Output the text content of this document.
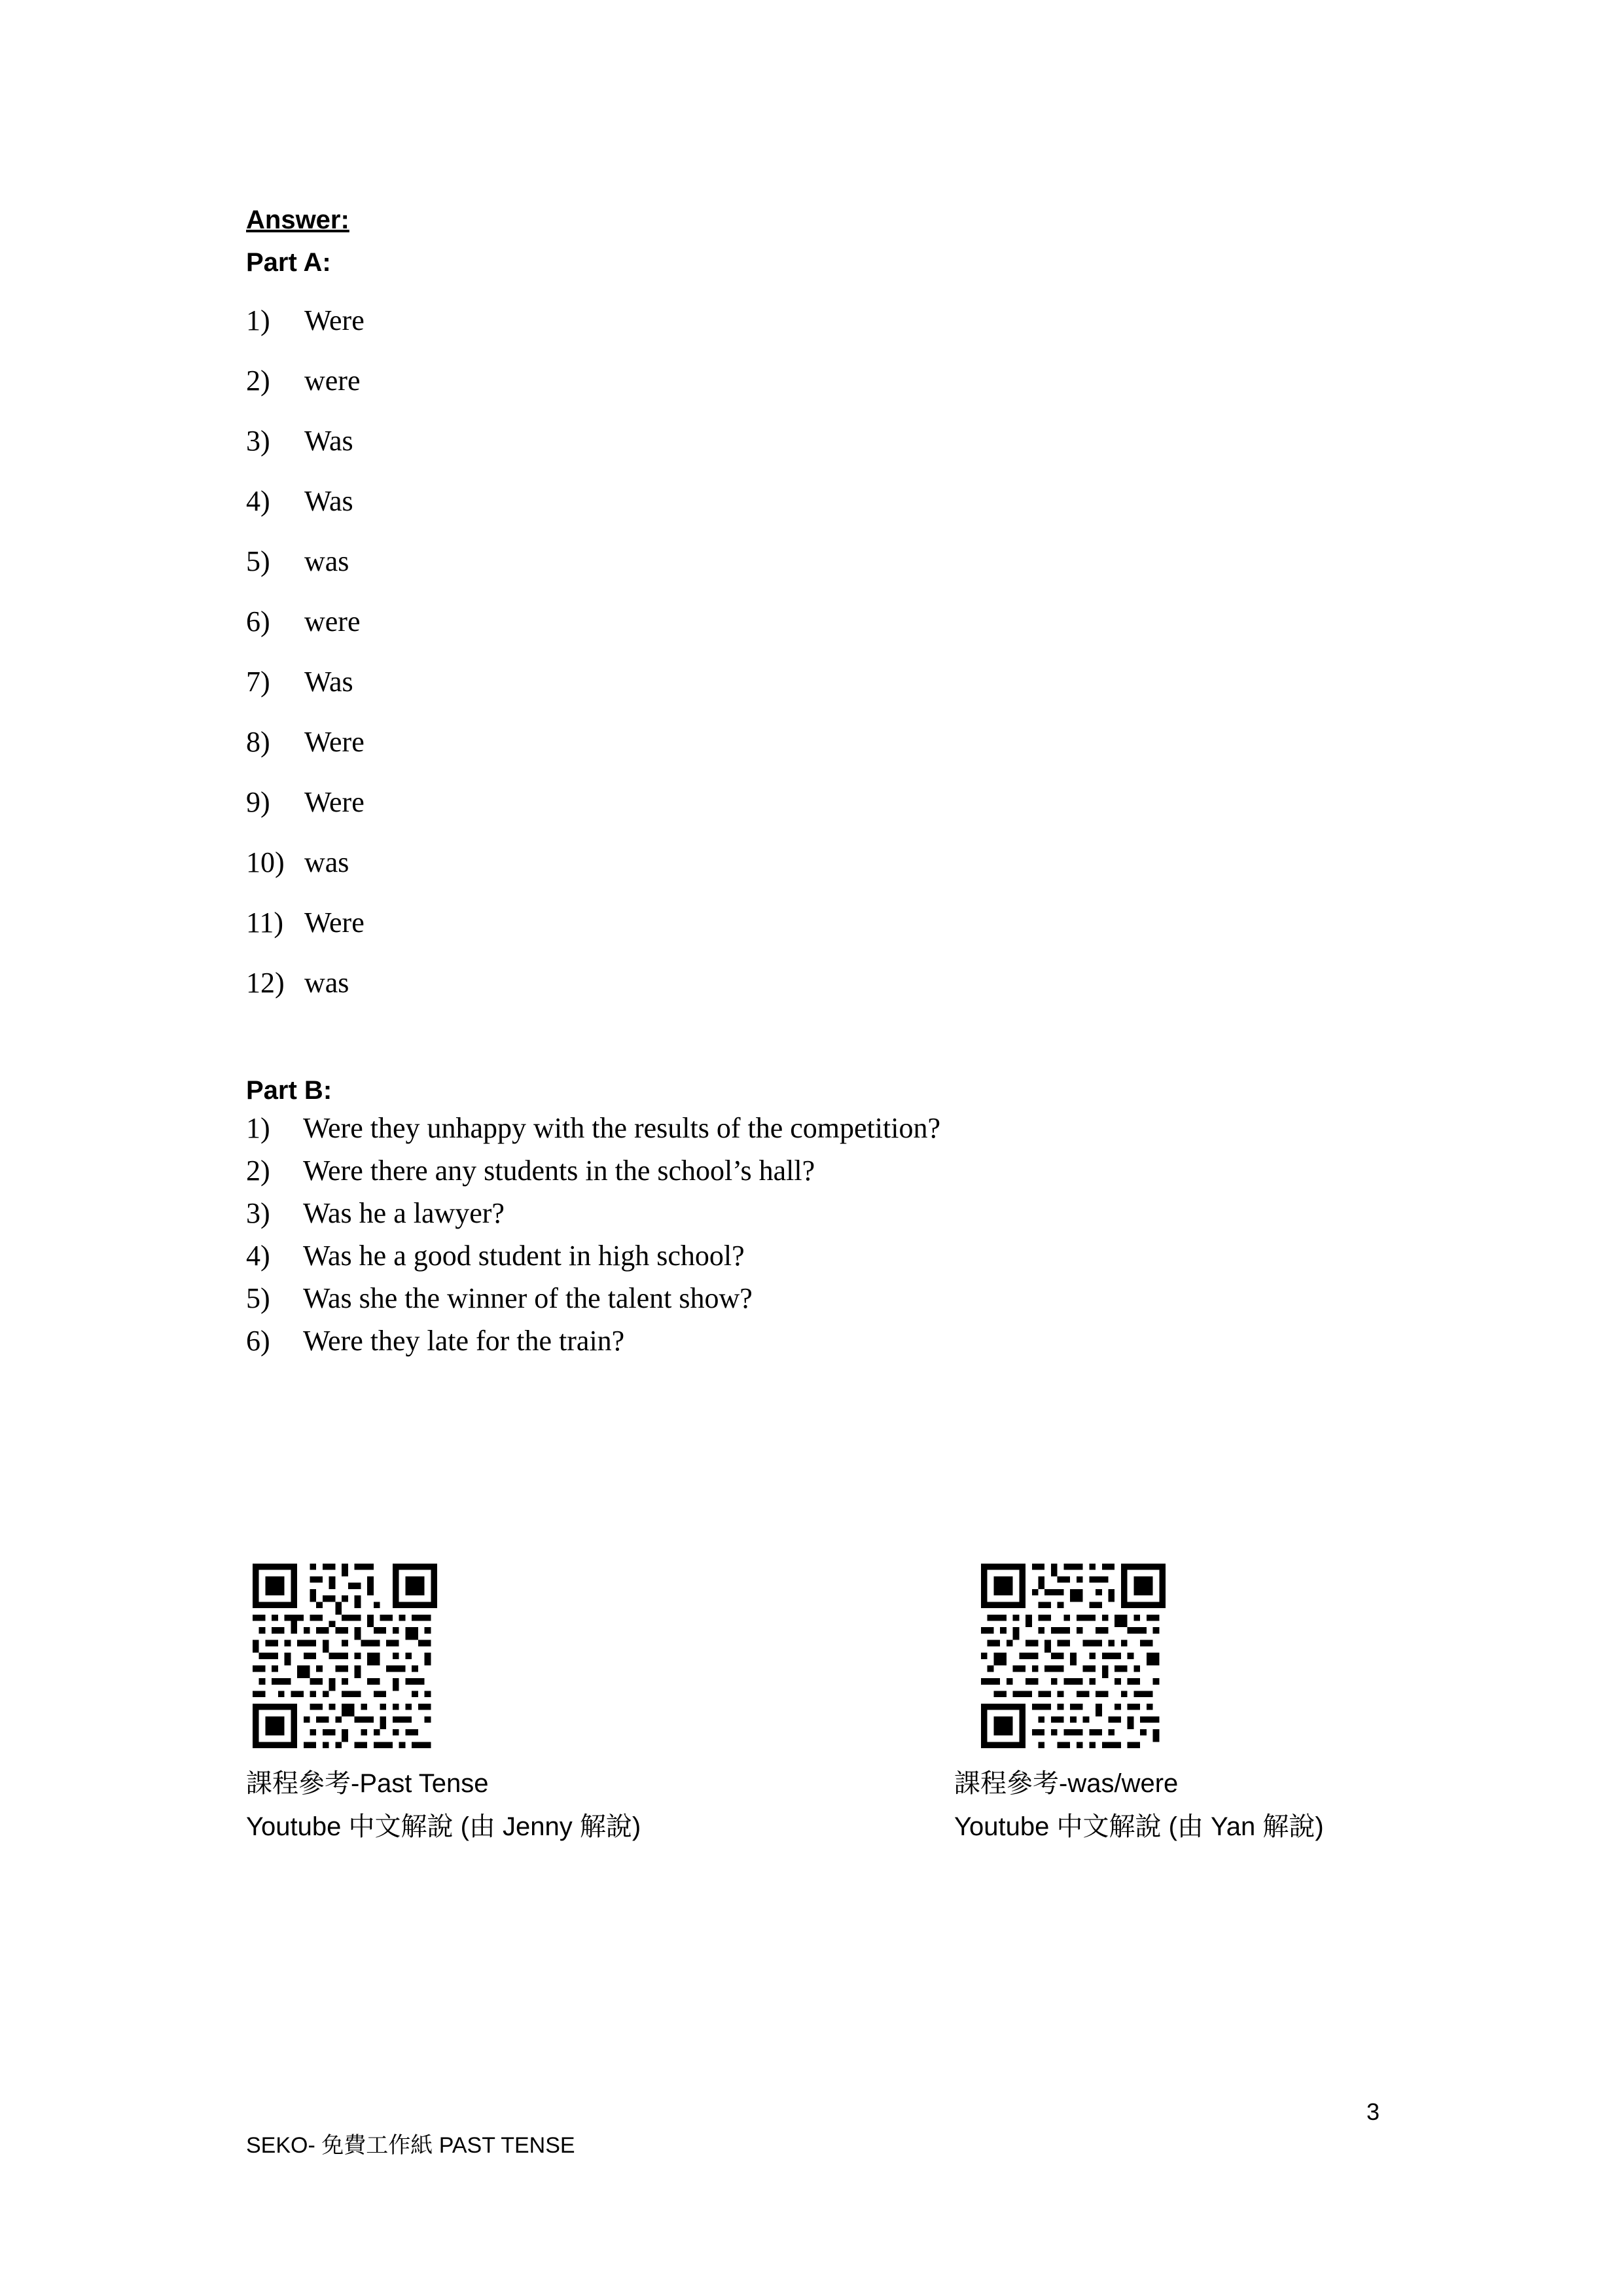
Answer:
Part A:
1)	Were
2)	were
3)	Was
4)	Was
5)	was
6)	were
7)	Was
8)	Were
9)	Were
10) was
11) Were
12) was
Part B:
1)	Were they unhappy with the results of the competition?
2)	Were there any students in the school’s hall?
3)	Was he a lawyer?
4)	Was he a good student in high school?
5)	Was she the winner of the talent show?
6)	Were they late for the train?
課程參考-Past Tense
Youtube 中文解說 (由 Jenny 解說)
課程參考-was/were
Youtube 中文解說 (由 Yan 解說)
3
SEKO- 免費工作紙 PAST TENSE
